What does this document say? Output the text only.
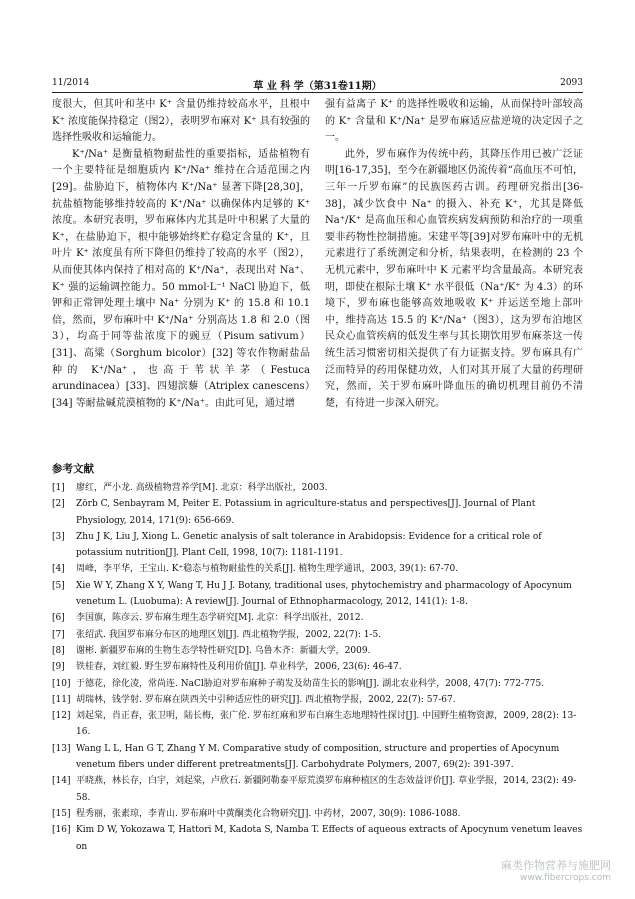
11/2014	草 业 科 学（第31卷11期）	2093

度很大，但其叶和茎中 K⁺ 含量仍维持较高水平，且根中 K⁺ 浓度能保持稳定（图2），表明罗布麻对 K⁺ 具有较强的选择性吸收和运输能力。

K⁺/Na⁺ 是衡量植物耐盐性的重要指标，适盐植物有一个主要特征是细胞质内 K⁺/Na⁺ 维持在合适范围之内[29]。盐胁迫下，植物体内 K⁺/Na⁺ 显著下降[28,30]，抗盐植物能够维持较高的 K⁺/Na⁺ 以确保体内足够的 K⁺ 浓度。本研究表明，罗布麻体内尤其是叶中积累了大量的 K⁺，在盐胁迫下，根中能够始终贮存稳定含量的 K⁺，且叶片 K⁺ 浓度虽有所下降但仍维持了较高的水平（图2），从而使其体内保持了相对高的 K⁺/Na⁺，表现出对 Na⁺、K⁺ 强的运输调控能力。50 mmol·L⁻¹ NaCl 胁迫下，低钾和正常钾处理土壤中 Na⁺ 分别为 K⁺ 的 15.8 和 10.1 倍，然而，罗布麻叶中 K⁺/Na⁺ 分别高达 1.8 和 2.0（图3），均高于同等盐浓度下的豌豆（Pisum sativum）[31]、高粱（Sorghum bicolor）[32] 等农作物耐盐品种的 K⁺/Na⁺，也高于苇状羊茅（Festuca arundinacea）[33]、四翅滨藜（Atriplex canescens）[34] 等耐盐碱荒漠植物的 K⁺/Na⁺。由此可见，通过增

强有益离子 K⁺ 的选择性吸收和运输，从而保持叶部较高的 K⁺ 含量和 K⁺/Na⁺ 是罗布麻适应盐逆境的决定因子之一。

此外，罗布麻作为传统中药，其降压作用已被广泛证明[16-17,35]，至今在新疆地区仍流传着“高血压不可怕，三年一斤罗布麻”的民族医药古训。药理研究指出[36-38]，减少饮食中 Na⁺ 的摄入、补充 K⁺，尤其是降低 Na⁺/K⁺ 是高血压和心血管疾病发病预防和治疗的一项重要非药物性控制措施。宋建平等[39]对罗布麻叶中的无机元素进行了系统测定和分析，结果表明，在检测的 23 个无机元素中，罗布麻叶中 K 元素平均含量最高。本研究表明，即使在根际土壤 K⁺ 水平很低（Na⁺/K⁺ 为 4.3）的环境下，罗布麻也能够高效地吸收 K⁺ 并运送至地上部叶中，维持高达 15.5 的 K⁺/Na⁺（图3），这为罗布泊地区民众心血管疾病的低发生率与其长期饮用罗布麻茶这一传统生活习惯密切相关提供了有力证据支持。罗布麻具有广泛而特异的药用保健功效，人们对其开展了大量的药理研究，然而，关于罗布麻叶降血压的确切机理目前仍不清楚，有待进一步深入研究。

参考文献
[1]	廖红，严小龙. 高级植物营养学[M]. 北京：科学出版社，2003.
[2]	Zörb C, Senbayram M, Peiter E. Potassium in agriculture-status and perspectives[J]. Journal of Plant Physiology, 2014, 171(9): 656-669.
[3]	Zhu J K, Liu J, Xiong L. Genetic analysis of salt tolerance in Arabidopsis: Evidence for a critical role of potassium nutrition[J]. Plant Cell, 1998, 10(7): 1181-1191.
[4]	周峰，李平华，王宝山. K⁺稳态与植物耐盐性的关系[J]. 植物生理学通讯，2003, 39(1): 67-70.
[5]	Xie W Y, Zhang X Y, Wang T, Hu J J. Botany, traditional uses, phytochemistry and pharmacology of Apocynum venetum L. (Luobuma): A review[J]. Journal of Ethnopharmacology, 2012, 141(1): 1-8.
[6]	李国旗，陈彦云. 罗布麻生理生态学研究[M]. 北京：科学出版社，2012.
[7]	张绍武. 我国罗布麻分布区的地理区划[J]. 西北植物学报，2002, 22(7): 1-5.
[8]	谢彬. 新疆罗布麻的生物生态学特性研究[D]. 乌鲁木齐：新疆大学，2009.
[9]	铁桂春，刘红毅. 野生罗布麻特性及利用价值[J]. 草业科学，2006, 23(6): 46-47.
[10] 于德花，徐化凌，常尚连. NaCl胁迫对罗布麻种子萌发及幼苗生长的影响[J]. 湖北农业科学，2008, 47(7): 772-775.
[11] 胡瑞林，钱学射. 罗布麻在陕西关中引种适应性的研究[J]. 西北植物学报，2002, 22(7): 57-67.
[12] 刘起棠，肖正春，张卫明，陆长梅，张广伦. 罗布红麻和罗布白麻生态地理特性探讨[J]. 中国野生植物资源，2009, 28(2): 13-16.
[13] Wang L L, Han G T, Zhang Y M. Comparative study of composition, structure and properties of Apocynum venetum fibers under different pretreatments[J]. Carbohydrate Polymers, 2007, 69(2): 391-397.
[14] 平晓燕，林长存，白宇，刘起棠，卢欣石. 新疆阿勒泰平原荒漠罗布麻种植区的生态效益评价[J]. 草业学报，2014, 23(2): 49-58.
[15] 程秀丽，张素琼，李青山. 罗布麻叶中黄酮类化合物研究[J]. 中药材，2007, 30(9): 1086-1088.
[16] Kim D W, Yokozawa T, Hattori M, Kadota S, Namba T. Effects of aqueous extracts of Apocynum venetum leaves on
麻类作物营养与施肥网
www.fibercrops.com
